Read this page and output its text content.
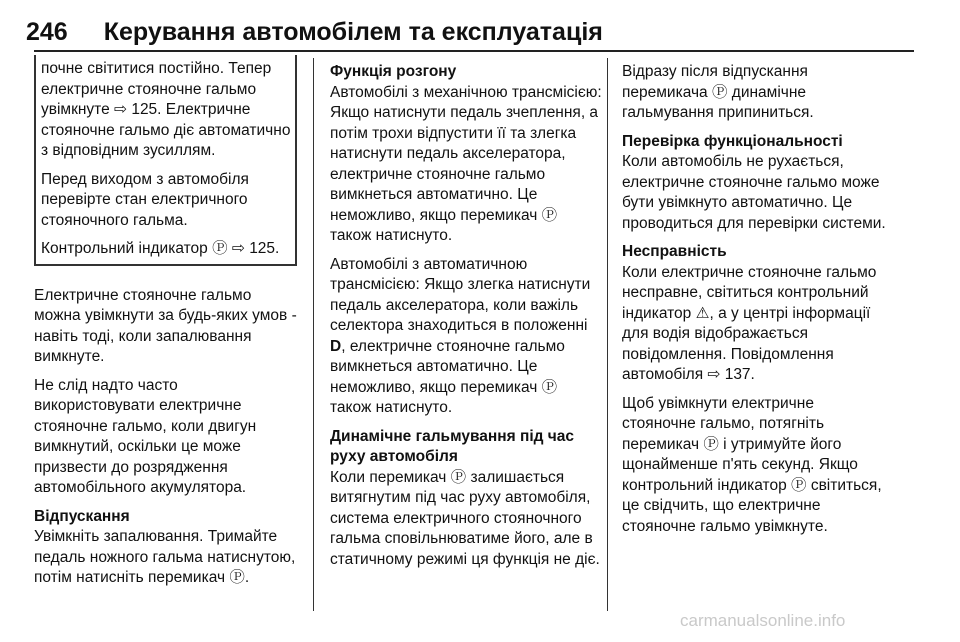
246 Керування автомобілем та експлуатація

почне світитися постійно. Тепер електричне стояночне гальмо увімкнуте ⇨ 125. Електричне стояночне гальмо діє автоматично з відповідним зусиллям.

Перед виходом з автомобіля перевірте стан електричного стояночного гальма.

Контрольний індикатор Ⓟ ⇨ 125.

Електричне стояночне гальмо можна увімкнути за будь-яких умов - навіть тоді, коли запалювання вимкнуте.

Не слід надто часто використовувати електричне стояночне гальмо, коли двигун вимкнутий, оскільки це може призвести до розрядження автомобільного акумулятора.

Відпускання

Увімкніть запалювання. Тримайте педаль ножного гальма натиснутою, потім натисніть перемикач Ⓟ.

Функція розгону

Автомобілі з механічною трансмісією: Якщо натиснути педаль зчеплення, а потім трохи відпустити її та злегка натиснути педаль акселератора, електричне стояночне гальмо вимкнеться автоматично. Це неможливо, якщо перемикач Ⓟ також натиснуто.

Автомобілі з автоматичною трансмісією: Якщо злегка натиснути педаль акселератора, коли важіль селектора знаходиться в положенні D, електричне стояночне гальмо вимкнеться автоматично. Це неможливо, якщо перемикач Ⓟ також натиснуто.

Динамічне гальмування під час руху автомобіля

Коли перемикач Ⓟ залишається витягнутим під час руху автомобіля, система електричного стояночного гальма сповільнюватиме його, але в статичному режимі ця функція не діє.

Відразу після відпускання перемикача Ⓟ динамічне гальмування припиниться.

Перевірка функціональності

Коли автомобіль не рухається, електричне стояночне гальмо може бути увімкнуто автоматично. Це проводиться для перевірки системи.

Несправність

Коли електричне стояночне гальмо несправне, світиться контрольний індикатор ⚠, а у центрі інформації для водія відображається повідомлення. Повідомлення автомобіля ⇨ 137.

Щоб увімкнути електричне стояночне гальмо, потягніть перемикач Ⓟ і утримуйте його щонайменше п'ять секунд. Якщо контрольний індикатор Ⓟ світиться, це свідчить, що електричне стояночне гальмо увімкнуте.

carmanualsonline.info
